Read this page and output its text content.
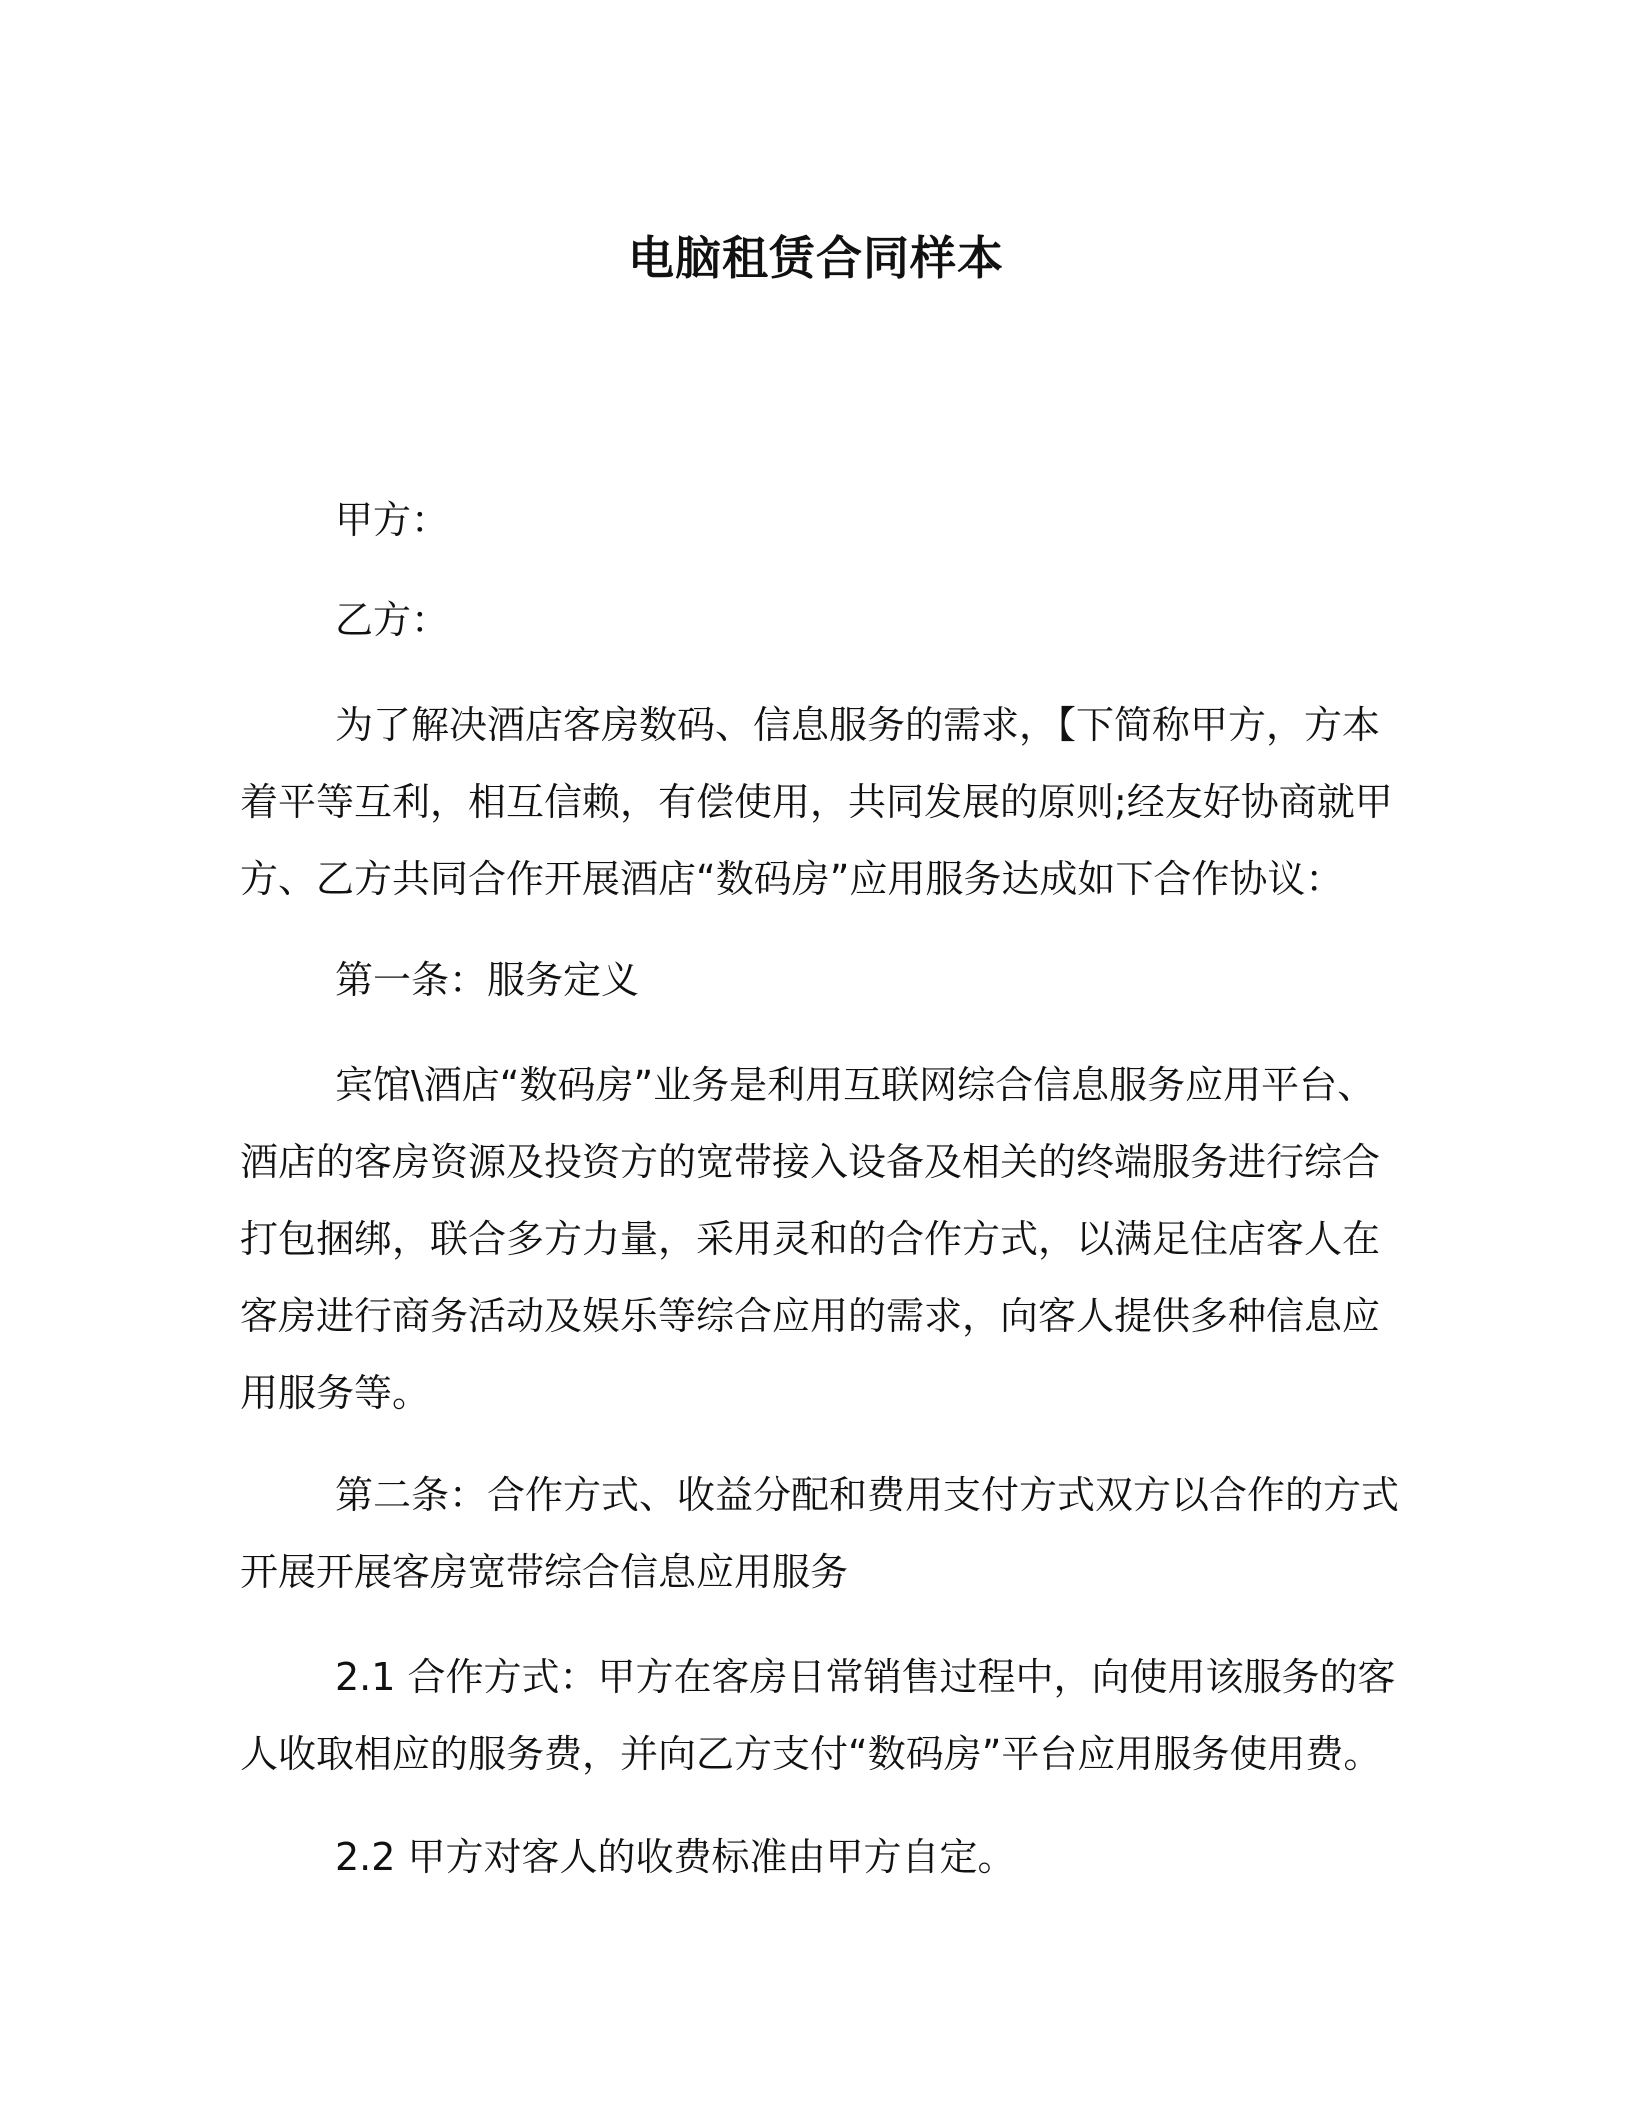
电脑租赁合同样本
甲方：
乙方：
为了解决酒店客房数码、信息服务的需求，【下简称甲方，方本
着平等互利，相互信赖，有偿使用，共同发展的原则;经友好协商就甲
方、乙方共同合作开展酒店“数码房”应用服务达成如下合作协议：
第一条：服务定义
宾馆\酒店“数码房”业务是利用互联网综合信息服务应用平台、
酒店的客房资源及投资方的宽带接入设备及相关的终端服务进行综合
打包捆绑，联合多方力量，采用灵和的合作方式，以满足住店客人在
客房进行商务活动及娱乐等综合应用的需求，向客人提供多种信息应
用服务等。
第二条：合作方式、收益分配和费用支付方式双方以合作的方式
开展开展客房宽带综合信息应用服务
2.1 合作方式：甲方在客房日常销售过程中，向使用该服务的客
人收取相应的服务费，并向乙方支付“数码房”平台应用服务使用费。
2.2 甲方对客人的收费标准由甲方自定。
